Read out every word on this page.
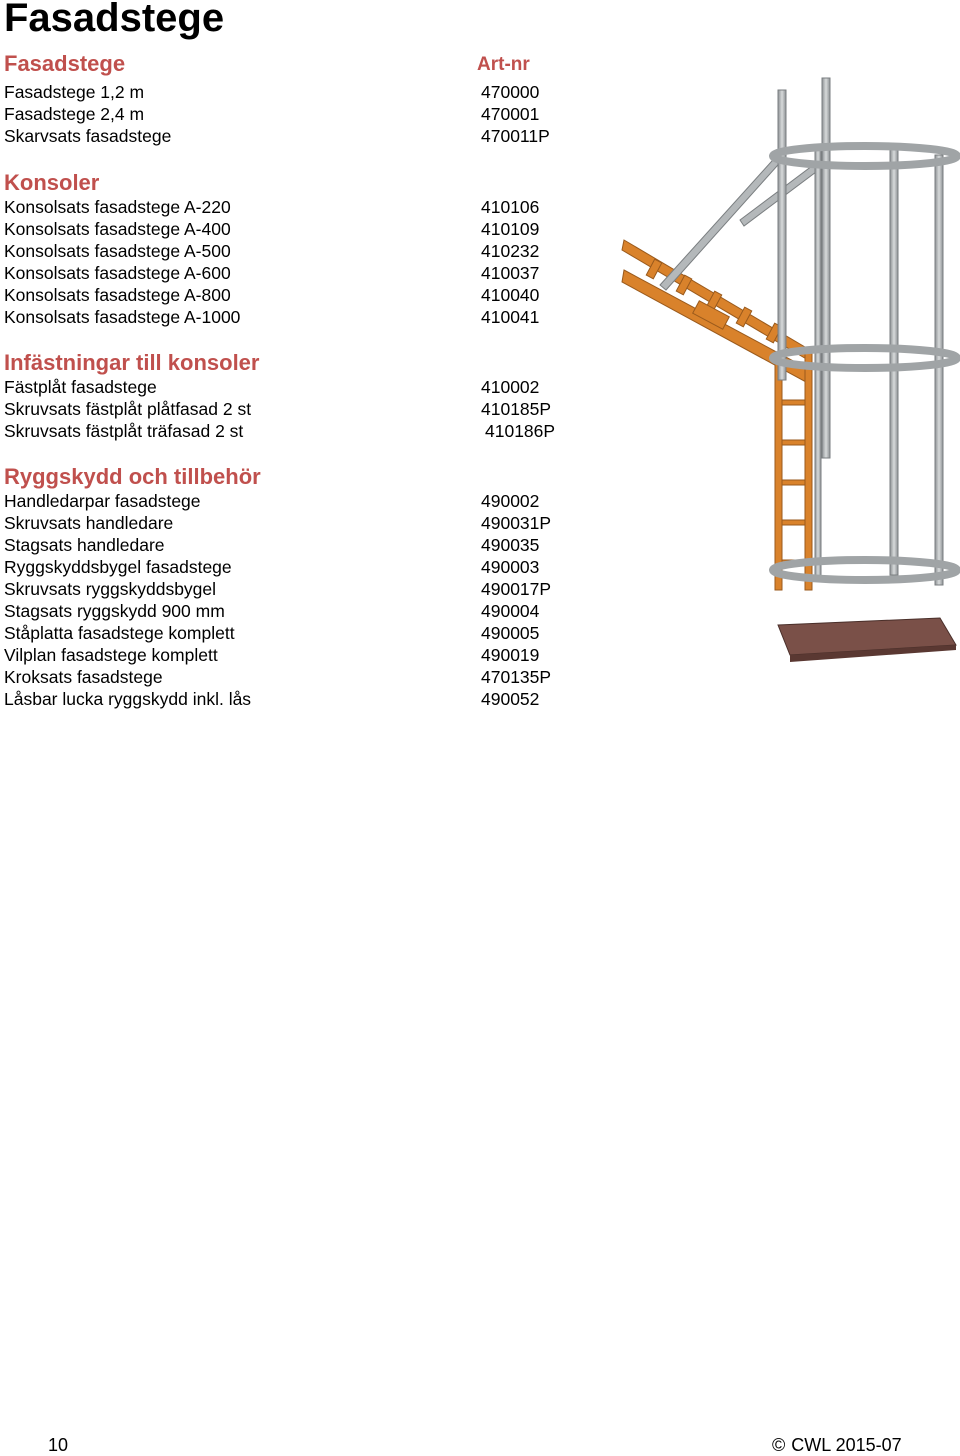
Fasadstege
Art-nr
Fasadstege
Fasadstege 1,2 m	470000
Fasadstege 2,4 m	470001
Skarvsats fasadstege	470011P
Konsoler
Konsolsats fasadstege A-220	410106
Konsolsats fasadstege A-400	410109
Konsolsats fasadstege A-500	410232
Konsolsats fasadstege A-600	410037
Konsolsats fasadstege A-800	410040
Konsolsats fasadstege A-1000	410041
Infästningar till konsoler
Fästplåt fasadstege	410002
Skruvsats fästplåt plåtfasad 2 st	410185P
Skruvsats fästplåt träfasad 2 st	410186P
Ryggskydd och tillbehör
Handledarpar fasadstege	490002
Skruvsats handledare	490031P
Stagsats handledare	490035
Ryggskyddsbygel fasadstege	490003
Skruvsats ryggskyddsbygel	490017P
Stagsats ryggskydd 900 mm	490004
Ståplatta fasadstege komplett	490005
Vilplan fasadstege komplett	490019
Kroksats fasadstege	470135P
Låsbar lucka ryggskydd inkl. lås	490052
10	© CWL 2015-07
